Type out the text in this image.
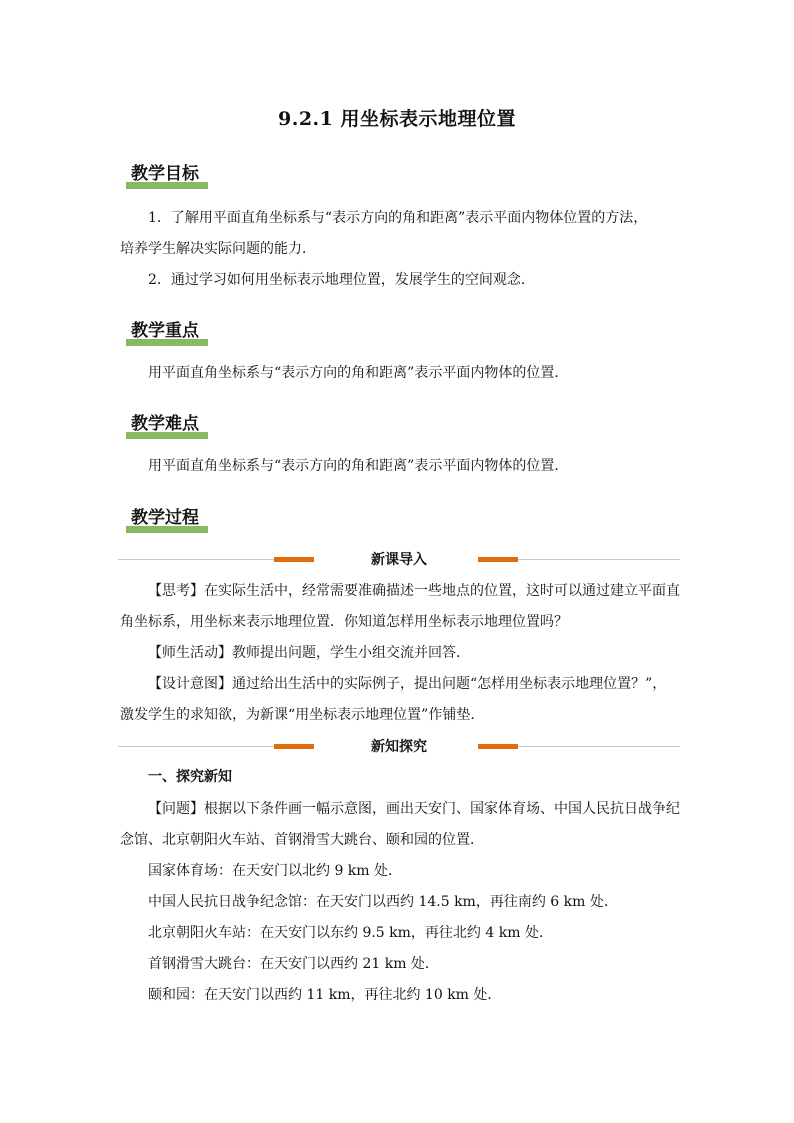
9.2.1 用坐标表示地理位置
教学目标
1．了解用平面直角坐标系与“表示方向的角和距离”表示平面内物体位置的方法，
培养学生解决实际问题的能力．
2．通过学习如何用坐标表示地理位置，发展学生的空间观念．
教学重点
用平面直角坐标系与“表示方向的角和距离”表示平面内物体的位置．
教学难点
用平面直角坐标系与“表示方向的角和距离”表示平面内物体的位置．
教学过程
新课导入
【思考】在实际生活中，经常需要准确描述一些地点的位置，这时可以通过建立平面直
角坐标系，用坐标来表示地理位置．你知道怎样用坐标表示地理位置吗？
【师生活动】教师提出问题，学生小组交流并回答．
【设计意图】通过给出生活中的实际例子，提出问题“怎样用坐标表示地理位置？”，
激发学生的求知欲，为新课“用坐标表示地理位置”作铺垫．
新知探究
一、探究新知
【问题】根据以下条件画一幅示意图，画出天安门、国家体育场、中国人民抗日战争纪
念馆、北京朝阳火车站、首钢滑雪大跳台、颐和园的位置．
国家体育场：在天安门以北约 9 km 处．
中国人民抗日战争纪念馆：在天安门以西约 14.5 km，再往南约 6 km 处．
北京朝阳火车站：在天安门以东约 9.5 km，再往北约 4 km 处．
首钢滑雪大跳台：在天安门以西约 21 km 处．
颐和园：在天安门以西约 11 km，再往北约 10 km 处．
